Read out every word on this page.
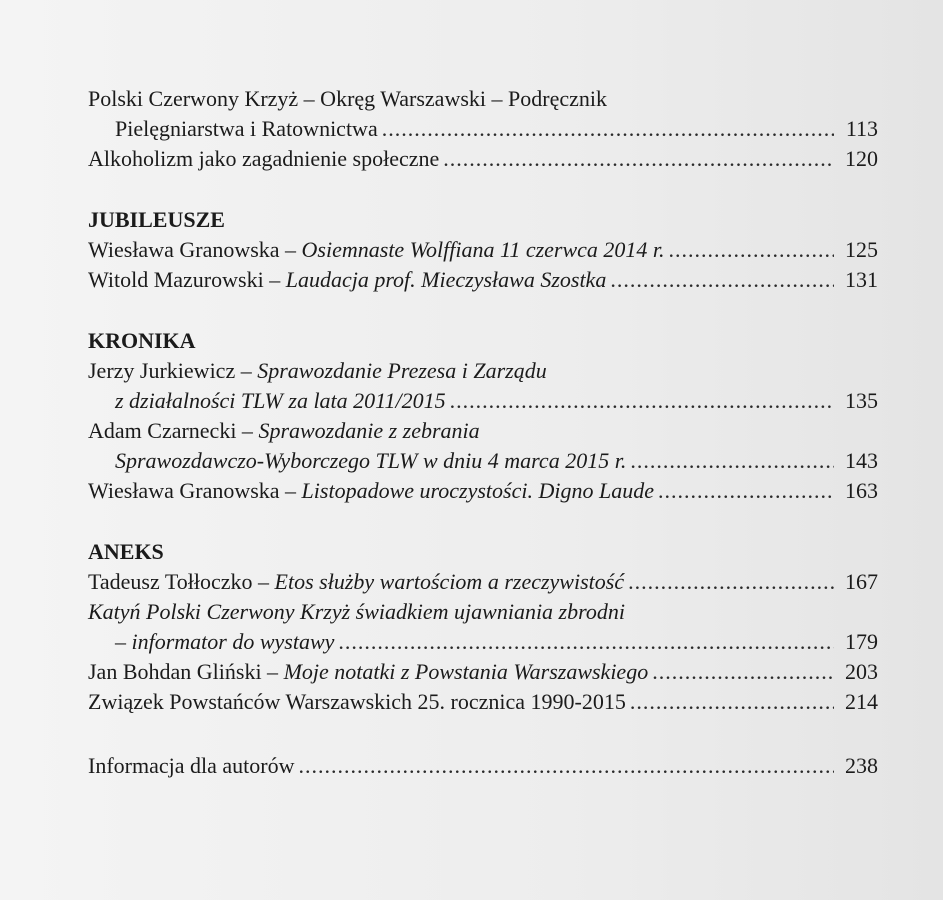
Polski Czerwony Krzyż – Okręg Warszawski – Podręcznik
Pielęgniarstwa i Ratownictwa .....	113
Alkoholizm jako zagadnienie społeczne .....	120
JUBILEUSZE
Wiesława Granowska – Osiemnaste Wolffiana 11 czerwca 2014 r. .....	125
Witold Mazurowski – Laudacja prof. Mieczysława Szostka .....	131
KRONIKA
Jerzy Jurkiewicz – Sprawozdanie Prezesa i Zarządu
z działalności TLW za lata 2011/2015 .....	135
Adam Czarnecki – Sprawozdanie z zebrania
Sprawozdawczo-Wyborczego TLW w dniu 4 marca 2015 r. .....	143
Wiesława Granowska – Listopadowe uroczystości. Digno Laude .....	163
ANEKS
Tadeusz Tołłoczko – Etos służby wartościom a rzeczywistość .....	167
Katyń Polski Czerwony Krzyż świadkiem ujawniania zbrodni
– informator do wystawy .....	179
Jan Bohdan Gliński – Moje notatki z Powstania Warszawskiego .....	203
Związek Powstańców Warszawskich 25. rocznica 1990-2015 .....	214
Informacja dla autorów .....	238
